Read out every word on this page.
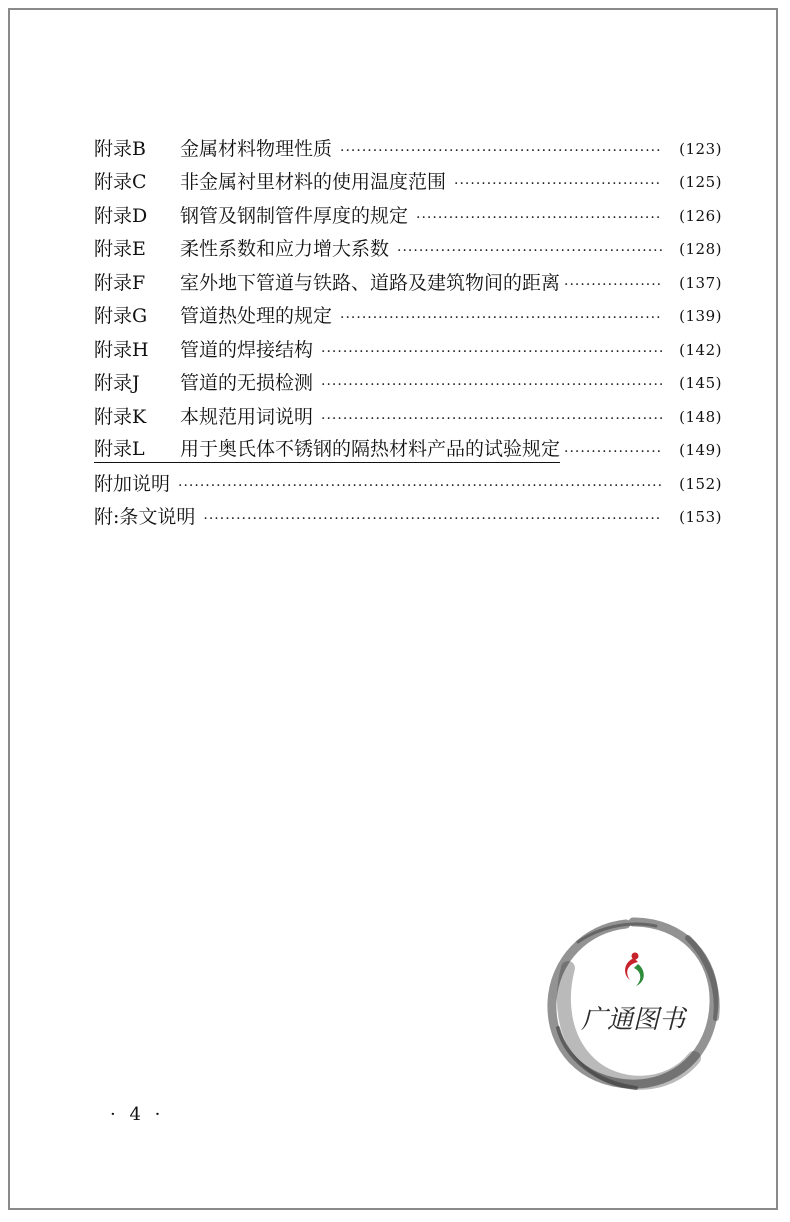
附录B	金属材料物理性质 ·····	(123)
附录C	非金属衬里材料的使用温度范围 ·····	(125)
附录D	钢管及钢制管件厚度的规定 ·····	(126)
附录E	柔性系数和应力增大系数 ·····	(128)
附录F	室外地下管道与铁路、道路及建筑物间的距离 ·····	(137)
附录G	管道热处理的规定 ·····	(139)
附录H	管道的焊接结构 ·····	(142)
附录J	管道的无损检测 ·····	(145)
附录K	本规范用词说明 ·····	(148)
附录L	用于奥氏体不锈钢的隔热材料产品的试验规定 ·····	(149)
附加说明 ·····	(152)
附:条文说明 ·····	(153)
· 4 ·
广通图书
